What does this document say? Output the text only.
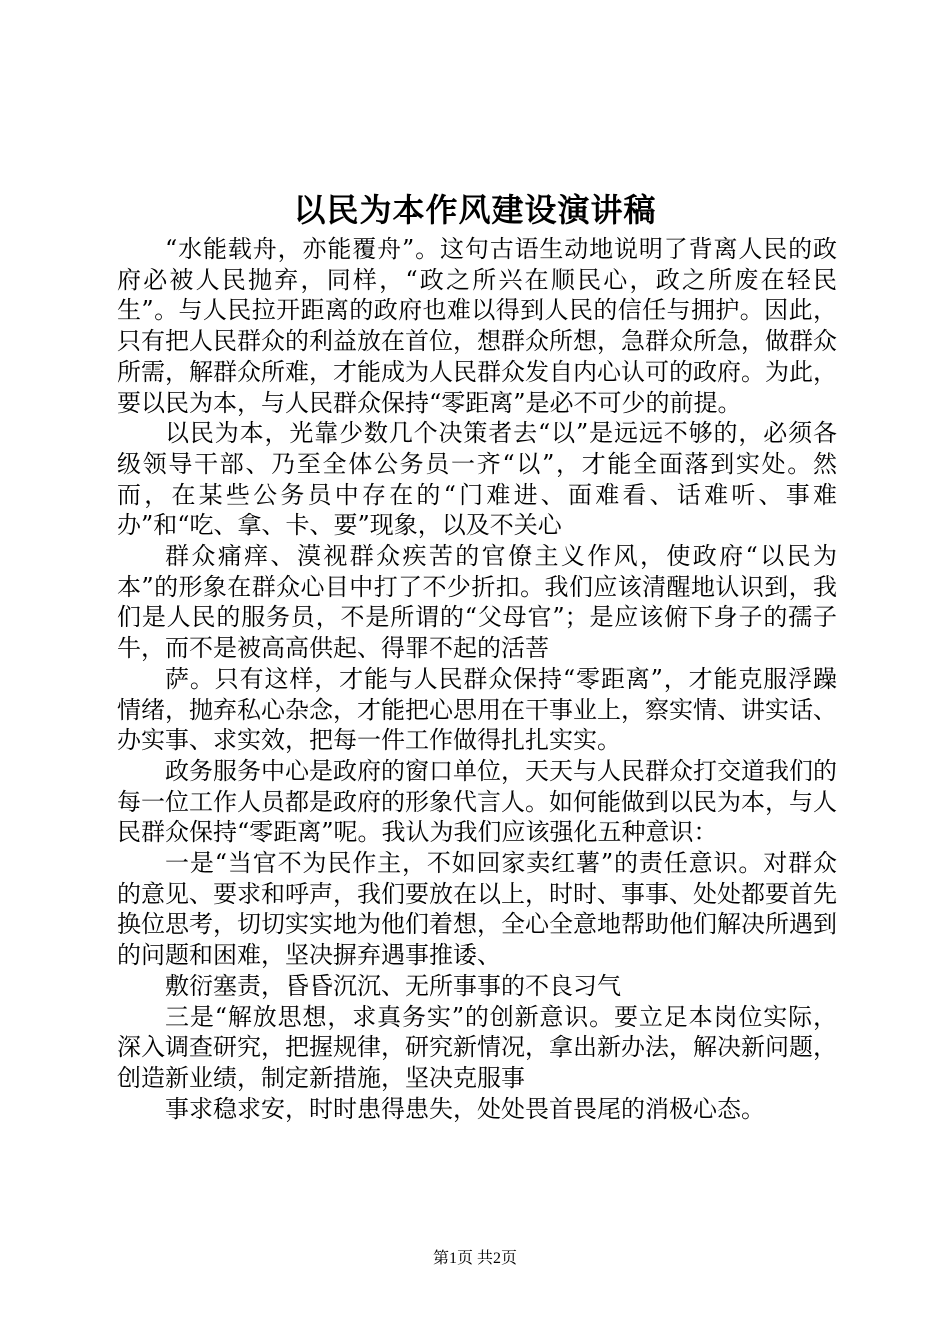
以民为本作风建设演讲稿

“水能载舟，亦能覆舟”。这句古语生动地说明了背离人民的政府必被人民抛弃，同样，“政之所兴在顺民心，政之所废在轻民生”。与人民拉开距离的政府也难以得到人民的信任与拥护。因此，只有把人民群众的利益放在首位，想群众所想，急群众所急，做群众所需，解群众所难，才能成为人民群众发自内心认可的政府。为此，要以民为本，与人民群众保持“零距离”是必不可少的前提。

以民为本，光靠少数几个决策者去“以”是远远不够的，必须各级领导干部、乃至全体公务员一齐“以”，才能全面落到实处。然而，在某些公务员中存在的“门难进、面难看、话难听、事难办”和“吃、拿、卡、要”现象，以及不关心

群众痛痒、漠视群众疾苦的官僚主义作风，使政府“以民为本”的形象在群众心目中打了不少折扣。我们应该清醒地认识到，我们是人民的服务员，不是所谓的“父母官”；是应该俯下身子的孺子牛，而不是被高高供起、得罪不起的活菩

萨。只有这样，才能与人民群众保持“零距离”，才能克服浮躁情绪，抛弃私心杂念，才能把心思用在干事业上，察实情、讲实话、办实事、求实效，把每一件工作做得扎扎实实。

政务服务中心是政府的窗口单位，天天与人民群众打交道我们的每一位工作人员都是政府的形象代言人。如何能做到以民为本，与人民群众保持“零距离”呢。我认为我们应该强化五种意识：

一是“当官不为民作主，不如回家卖红薯”的责任意识。对群众的意见、要求和呼声，我们要放在以上，时时、事事、处处都要首先换位思考，切切实实地为他们着想，全心全意地帮助他们解决所遇到的问题和困难，坚决摒弃遇事推诿、

敷衍塞责，昏昏沉沉、无所事事的不良习气

三是“解放思想，求真务实”的创新意识。要立足本岗位实际，深入调查研究，把握规律，研究新情况，拿出新办法，解决新问题，创造新业绩，制定新措施，坚决克服事

事求稳求安，时时患得患失，处处畏首畏尾的消极心态。

第1页 共2页
